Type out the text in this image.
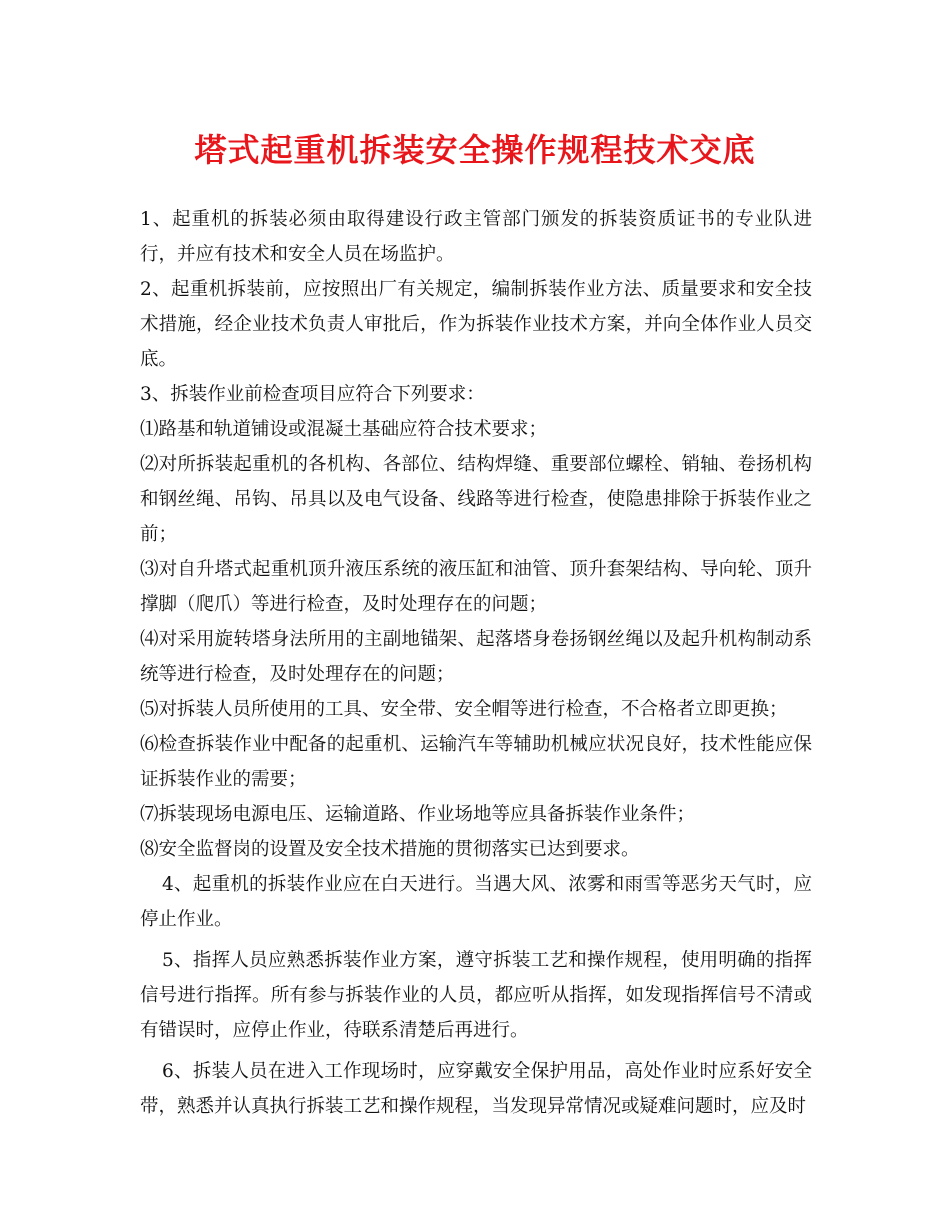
塔式起重机拆装安全操作规程技术交底

1、起重机的拆装必须由取得建设行政主管部门颁发的拆装资质证书的专业队进行，并应有技术和安全人员在场监护。

2、起重机拆装前，应按照出厂有关规定，编制拆装作业方法、质量要求和安全技术措施，经企业技术负责人审批后，作为拆装作业技术方案，并向全体作业人员交底。

3、拆装作业前检查项目应符合下列要求：

⑴路基和轨道铺设或混凝土基础应符合技术要求；

⑵对所拆装起重机的各机构、各部位、结构焊缝、重要部位螺栓、销轴、卷扬机构和钢丝绳、吊钩、吊具以及电气设备、线路等进行检查，使隐患排除于拆装作业之前；

⑶对自升塔式起重机顶升液压系统的液压缸和油管、顶升套架结构、导向轮、顶升撑脚（爬爪）等进行检查，及时处理存在的问题；

⑷对采用旋转塔身法所用的主副地锚架、起落塔身卷扬钢丝绳以及起升机构制动系统等进行检查，及时处理存在的问题；

⑸对拆装人员所使用的工具、安全带、安全帽等进行检查，不合格者立即更换；

⑹检查拆装作业中配备的起重机、运输汽车等辅助机械应状况良好，技术性能应保证拆装作业的需要；

⑺拆装现场电源电压、运输道路、作业场地等应具备拆装作业条件；

⑻安全监督岗的设置及安全技术措施的贯彻落实已达到要求。

4、起重机的拆装作业应在白天进行。当遇大风、浓雾和雨雪等恶劣天气时，应停止作业。

5、指挥人员应熟悉拆装作业方案，遵守拆装工艺和操作规程，使用明确的指挥信号进行指挥。所有参与拆装作业的人员，都应听从指挥，如发现指挥信号不清或有错误时，应停止作业，待联系清楚后再进行。

6、拆装人员在进入工作现场时，应穿戴安全保护用品，高处作业时应系好安全带，熟悉并认真执行拆装工艺和操作规程，当发现异常情况或疑难问题时，应及时
